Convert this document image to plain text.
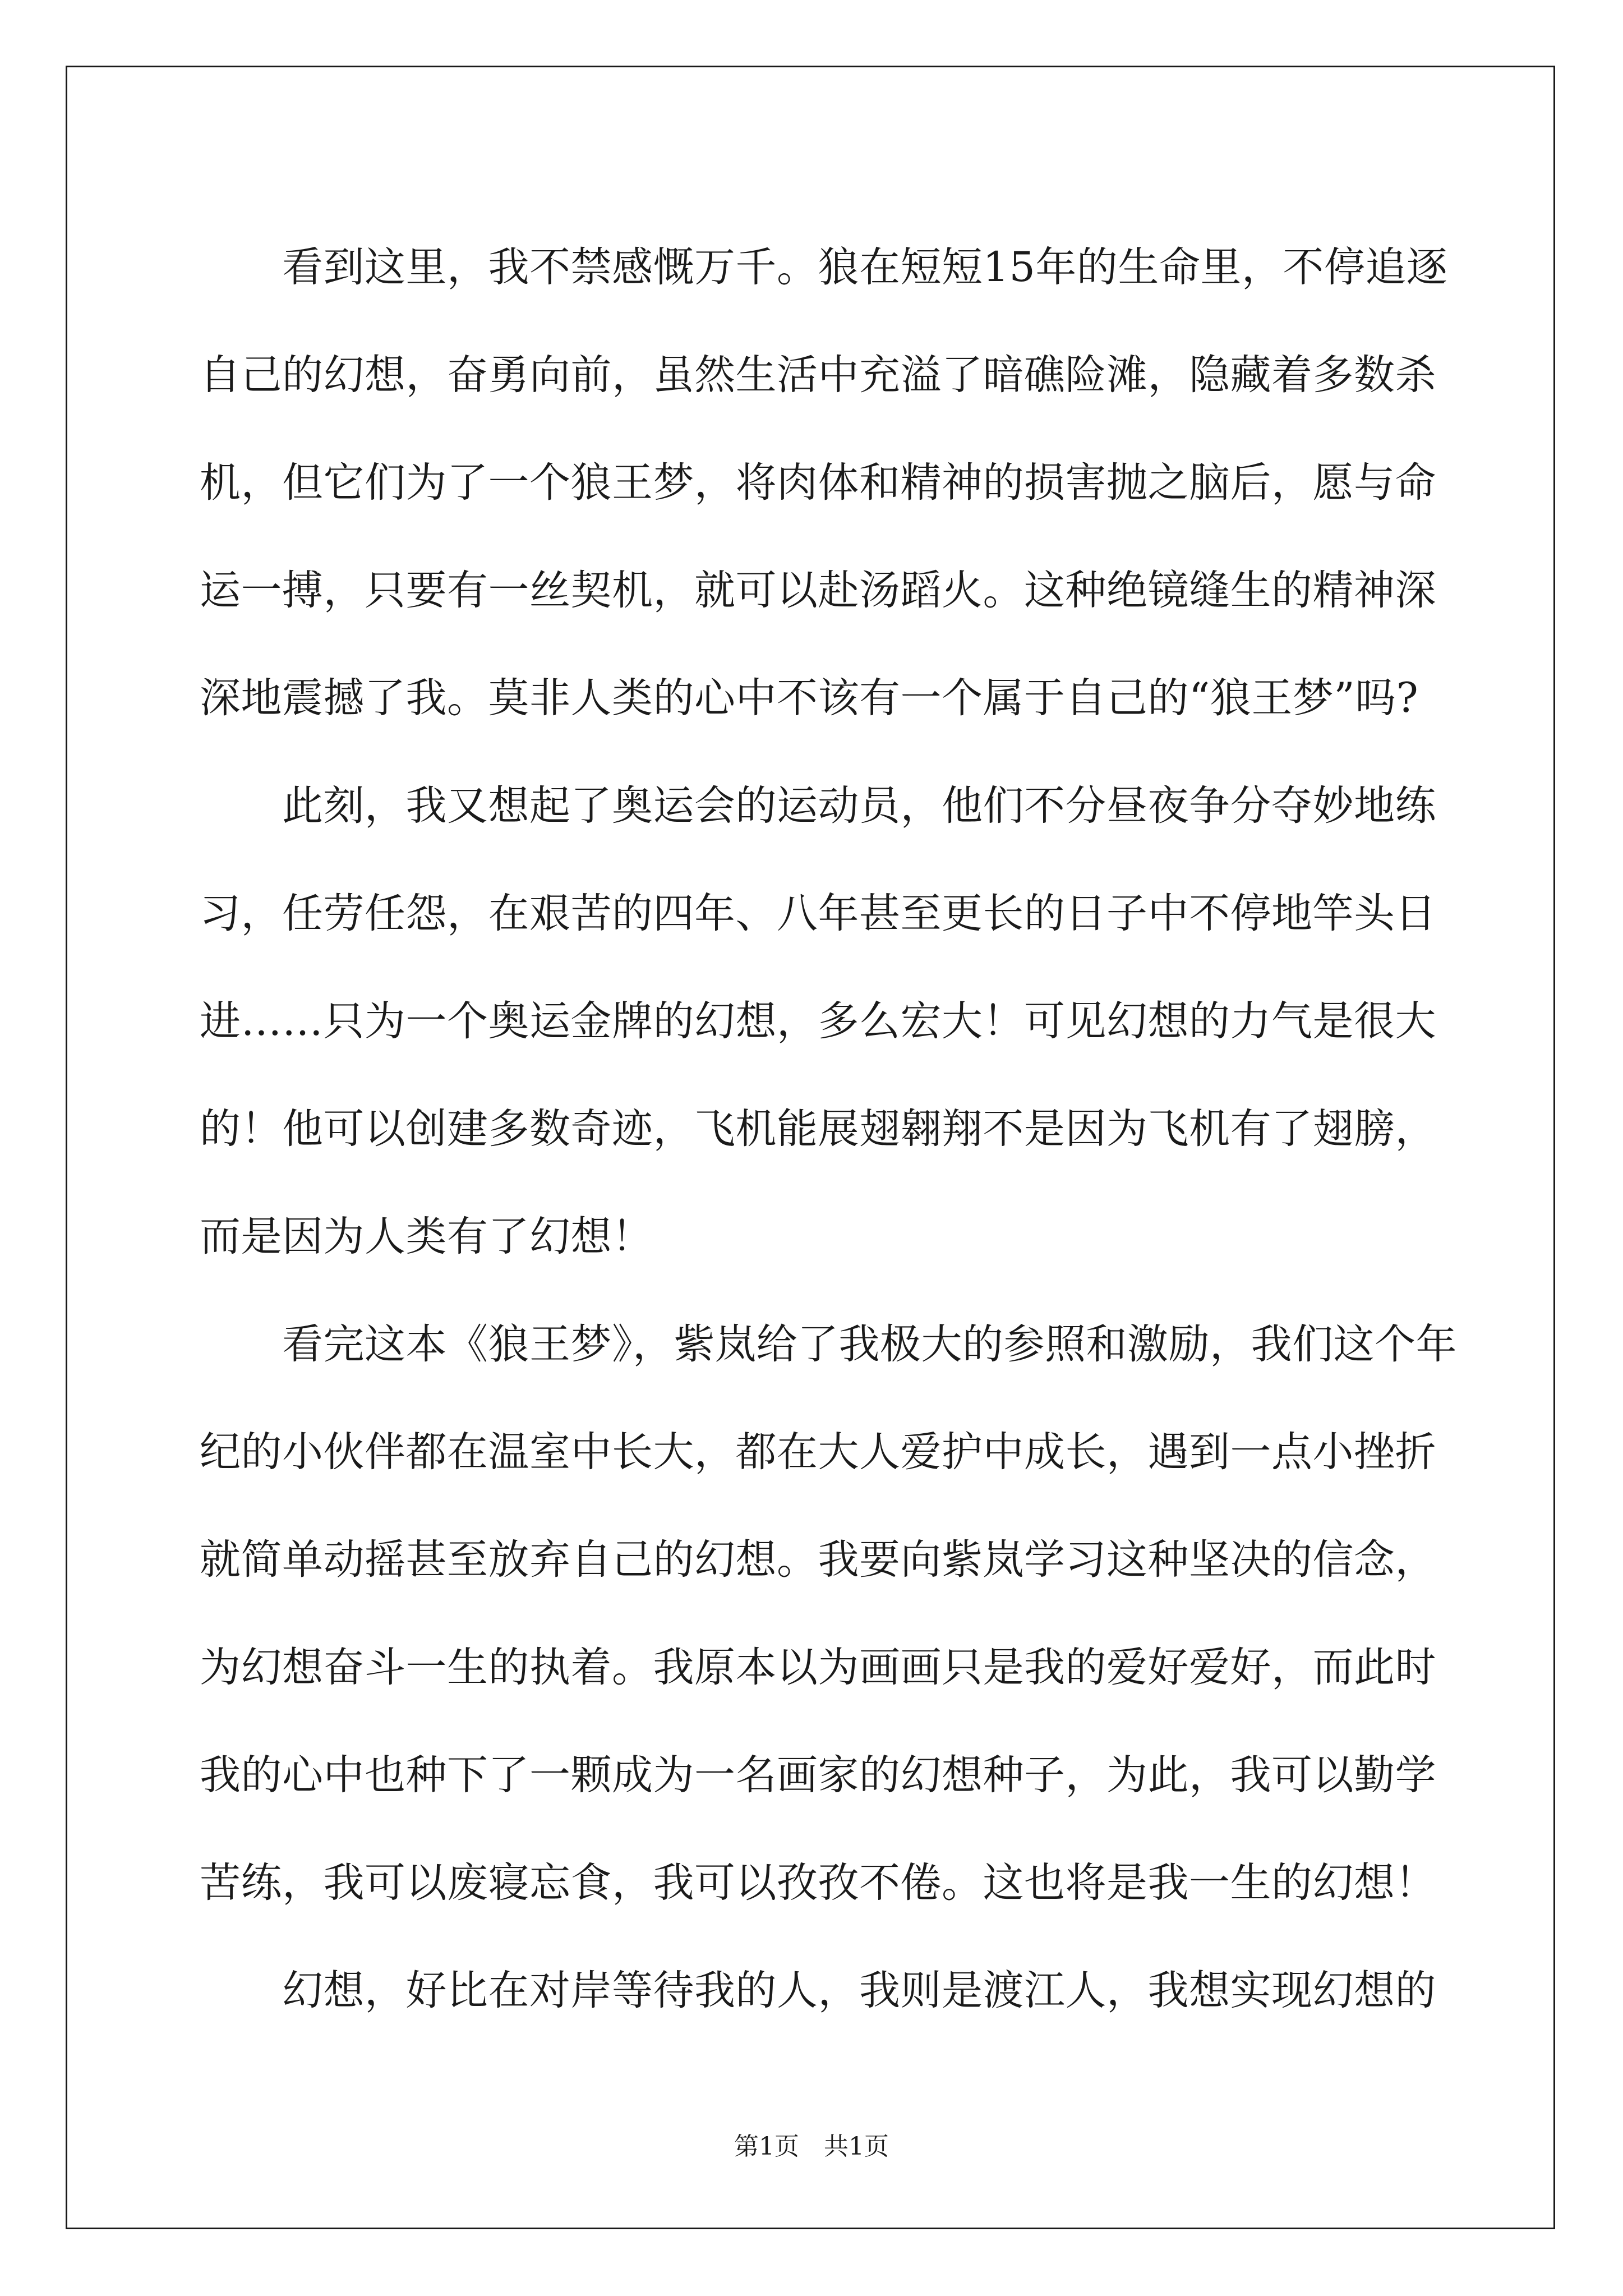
　　看到这里，我不禁感慨万千。狼在短短15年的生命里，不停追逐
自己的幻想，奋勇向前，虽然生活中充溢了暗礁险滩，隐藏着多数杀
机，但它们为了一个狼王梦，将肉体和精神的损害抛之脑后，愿与命
运一搏，只要有一丝契机，就可以赴汤蹈火。这种绝镜缝生的精神深
深地震撼了我。莫非人类的心中不该有一个属于自己的“狼王梦”吗?
　　此刻，我又想起了奥运会的运动员，他们不分昼夜争分夺妙地练
习，任劳任怨，在艰苦的四年、八年甚至更长的日子中不停地竿头日
进……只为一个奥运金牌的幻想，多么宏大！可见幻想的力气是很大
的！他可以创建多数奇迹，飞机能展翅翱翔不是因为飞机有了翅膀，
而是因为人类有了幻想！
　　看完这本《狼王梦》，紫岚给了我极大的参照和激励，我们这个年
纪的小伙伴都在温室中长大，都在大人爱护中成长，遇到一点小挫折
就简单动摇甚至放弃自己的幻想。我要向紫岚学习这种坚决的信念，
为幻想奋斗一生的执着。我原本以为画画只是我的爱好爱好，而此时
我的心中也种下了一颗成为一名画家的幻想种子，为此，我可以勤学
苦练，我可以废寝忘食，我可以孜孜不倦。这也将是我一生的幻想！
　　幻想，好比在对岸等待我的人，我则是渡江人，我想实现幻想的
第1页　共1页
